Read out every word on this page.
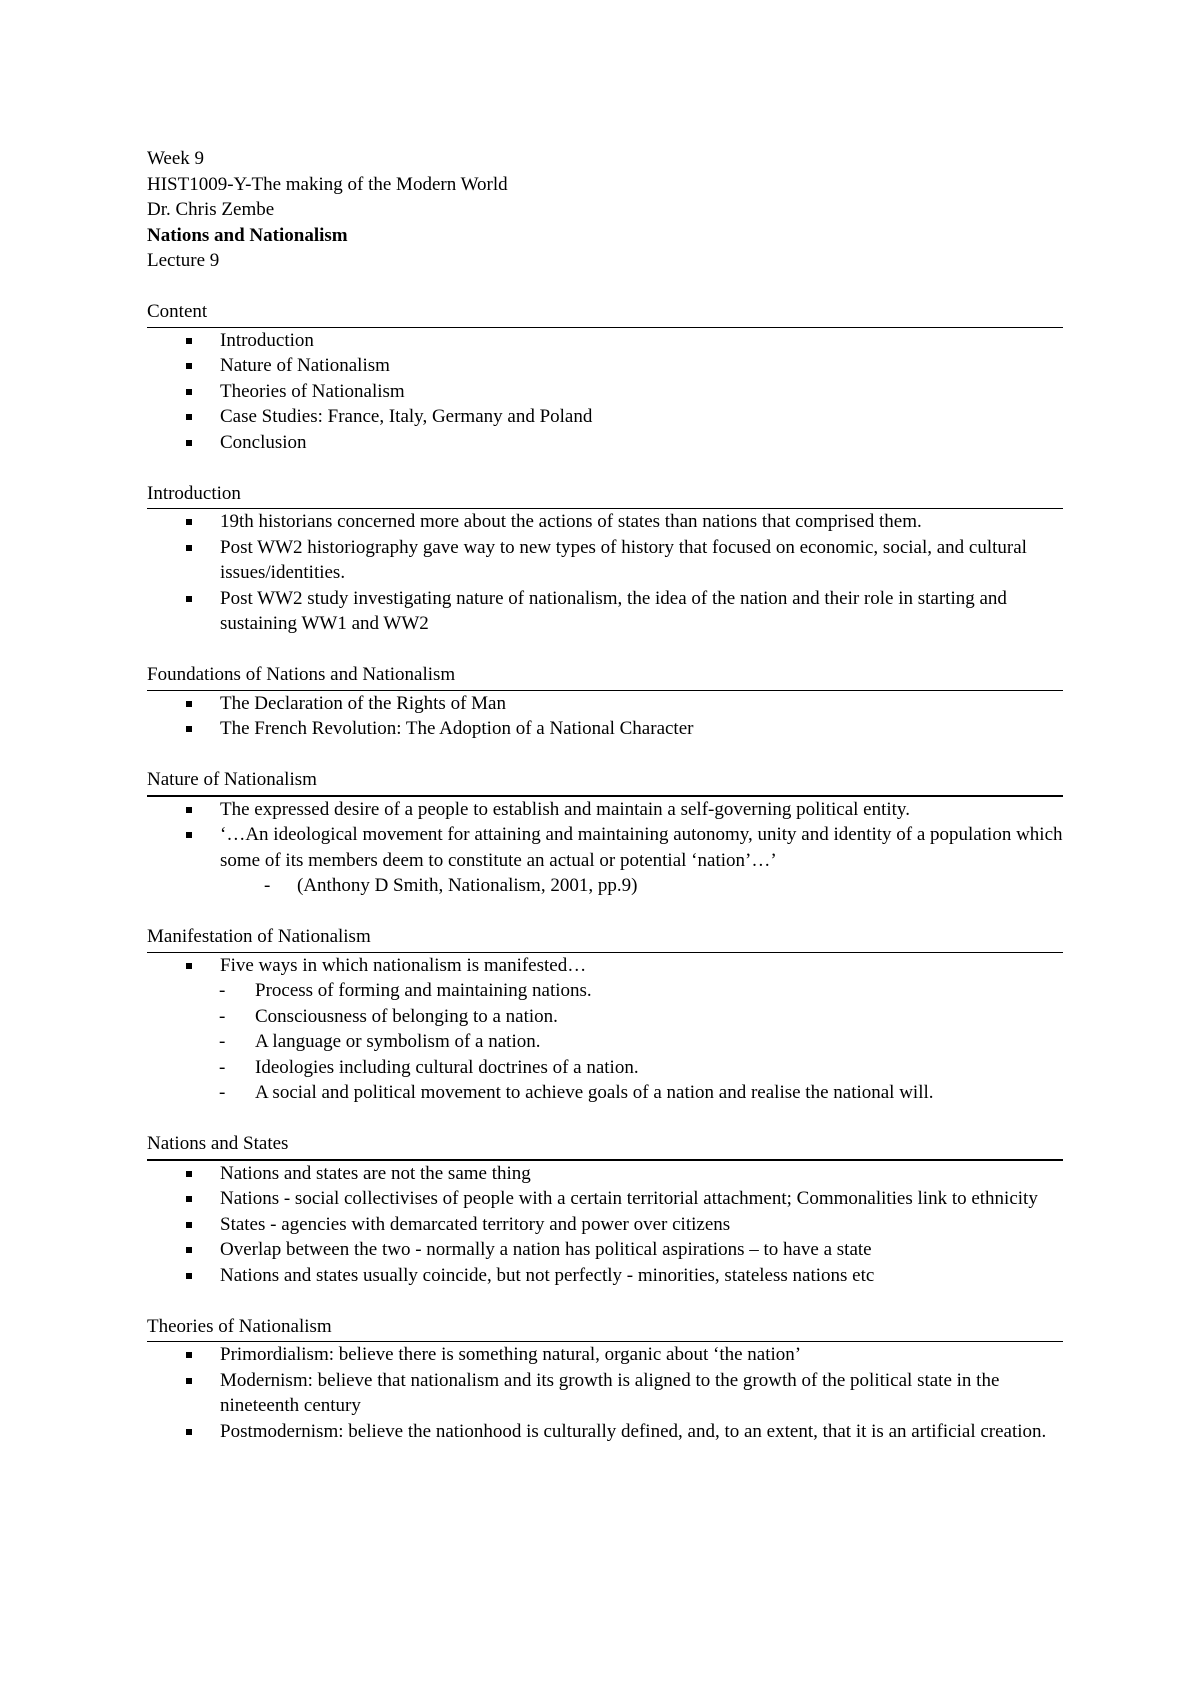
Week 9
HIST1009-Y-The making of the Modern World
Dr. Chris Zembe
Nations and Nationalism
Lecture 9
Content
Introduction
Nature of Nationalism
Theories of Nationalism
Case Studies: France, Italy, Germany and Poland
Conclusion
Introduction
19th historians concerned more about the actions of states than nations that comprised them.
Post WW2 historiography gave way to new types of history that focused on economic, social, and cultural issues/identities.
Post WW2 study investigating nature of nationalism, the idea of the nation and their role in starting and sustaining WW1 and WW2
Foundations of Nations and Nationalism
The Declaration of the Rights of Man
The French Revolution: The Adoption of a National Character
Nature of Nationalism
The expressed desire of a people to establish and maintain a self-governing political entity.
‘…An ideological movement for attaining and maintaining autonomy, unity and identity of a population which some of its members deem to constitute an actual or potential ‘nation’…’
- (Anthony D Smith, Nationalism, 2001, pp.9)
Manifestation of Nationalism
Five ways in which nationalism is manifested…
- Process of forming and maintaining nations.
- Consciousness of belonging to a nation.
- A language or symbolism of a nation.
- Ideologies including cultural doctrines of a nation.
- A social and political movement to achieve goals of a nation and realise the national will.
Nations and States
Nations and states are not the same thing
Nations - social collectivises of people with a certain territorial attachment; Commonalities link to ethnicity
States - agencies with demarcated territory and power over citizens
Overlap between the two - normally a nation has political aspirations – to have a state
Nations and states usually coincide, but not perfectly - minorities, stateless nations etc
Theories of Nationalism
Primordialism: believe there is something natural, organic about ‘the nation’
Modernism: believe that nationalism and its growth is aligned to the growth of the political state in the nineteenth century
Postmodernism: believe the nationhood is culturally defined, and, to an extent, that it is an artificial creation.
